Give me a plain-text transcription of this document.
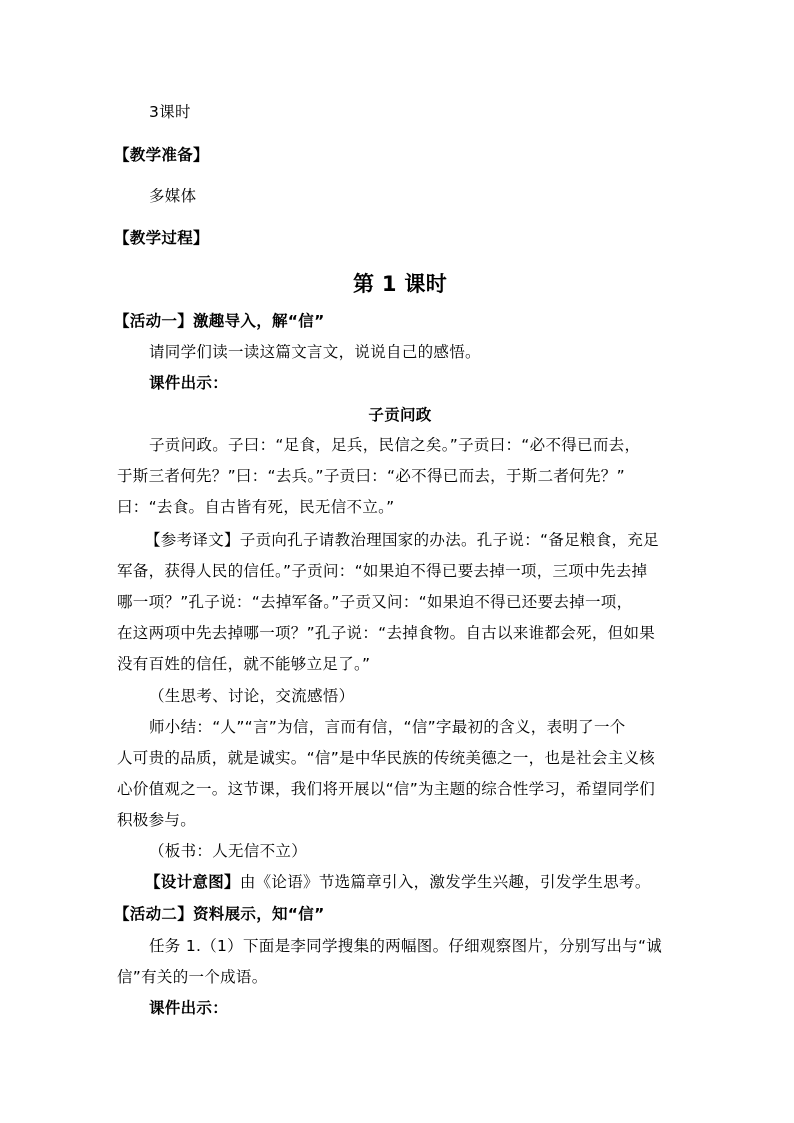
3课时
【教学准备】
多媒体
【教学过程】
第 1 课时
【活动一】激趣导入，解“信”
请同学们读一读这篇文言文，说说自己的感悟。
课件出示：
子贡问政
子贡问政。子曰：“足食，足兵，民信之矣。”子贡曰：“必不得已而去，
于斯三者何先？”曰：“去兵。”子贡曰：“必不得已而去，于斯二者何先？”
曰：“去食。自古皆有死，民无信不立。”
【参考译文】子贡向孔子请教治理国家的办法。孔子说：“备足粮食，充足
军备，获得人民的信任。”子贡问：“如果迫不得已要去掉一项，三项中先去掉
哪一项？”孔子说：“去掉军备。”子贡又问：“如果迫不得已还要去掉一项，
在这两项中先去掉哪一项？”孔子说：“去掉食物。自古以来谁都会死，但如果
没有百姓的信任，就不能够立足了。”
（生思考、讨论，交流感悟）
师小结：“人”“言”为信，言而有信，“信”字最初的含义，表明了一个
人可贵的品质，就是诚实。“信”是中华民族的传统美德之一，也是社会主义核
心价值观之一。这节课，我们将开展以“信”为主题的综合性学习，希望同学们
积极参与。
（板书：人无信不立）
【设计意图】由《论语》节选篇章引入，激发学生兴趣，引发学生思考。
【活动二】资料展示，知“信”
任务 1.（1）下面是李同学搜集的两幅图。仔细观察图片，分别写出与“诚
信”有关的一个成语。
课件出示：
